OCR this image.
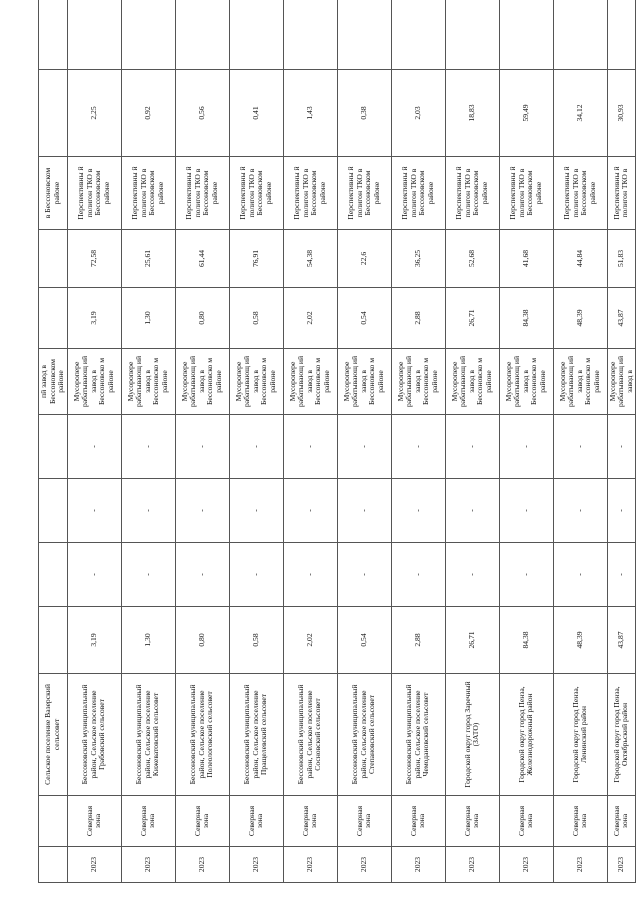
		Сельское поселение Вазерский сельсовет					пй завод в Бессоновском районе			в Бессоновском районе		
2023	Северная зона	Бессоновский муниципальный район, Сельское поселение Грабовский сельсовет	3,19	-	-	-	Мусоропере рабатывающ ий завод в Бессоновско м районе	3,19	72,58	Перспективны й полигон ТКО в Бессоновском районе	2,25	
2023	Северная зона	Бессоновский муниципальный район, Сельское поселение Кижеватовский сельсовет	1,30	-	-	-	Мусоропере рабатывающ ий завод в Бессоновско м районе	1,30	25,61	Перспективны й полигон ТКО в Бессоновском районе	0,92	
2023	Северная зона	Бессоновский муниципальный район, Сельское поселение Полеологовский сельсовет	0,80	-	-	-	Мусоропере рабатывающ ий завод в Бессоновско м районе	0,80	61,44	Перспективны й полигон ТКО в Бессоновском районе	0,56	
2023	Северная зона	Бессоновский муниципальный район, Сельское поселение Пращелевский сельсовет	0,58	-	-	-	Мусоропере рабатывающ ий завод в Бессоновско м районе	0,58	76,91	Перспективны й полигон ТКО в Бессоновском районе	0,41	
2023	Северная зона	Бессоновский муниципальный район, Сельское поселение Сосновский сельсовет	2,02	-	-	-	Мусоропере рабатывающ ий завод в Бессоновско м районе	2,02	54,38	Перспективны й полигон ТКО в Бессоновском районе	1,43	
2023	Северная зона	Бессоновский муниципальный район, Сельское поселение Степановский сельсовет	0,54	-	-	-	Мусоропере рабатывающ ий завод в Бессоновско м районе	0,54	22,6	Перспективны й полигон ТКО в Бессоновском районе	0,38	
2023	Северная зона	Бессоновский муниципальный район, Сельское поселение Чемодановский сельсовет	2,88	-	-	-	Мусоропере рабатывающ ий завод в Бессоновско м районе	2,88	36,25	Перспективны й полигон ТКО в Бессоновском районе	2,03	
2023	Северная зона	Городской округ город Заречный (ЗАТО)	26,71	-	-	-	Мусоропере рабатывающ ий завод в Бессоновско м районе	26,71	52,68	Перспективны й полигон ТКО в Бессоновском районе	18,83	
2023	Северная зона	Городской округ город Пенза, Железнодорожный район	84,38	-	-	-	Мусоропере рабатывающ ий завод в Бессоновско м районе	84,38	41,68	Перспективны й полигон ТКО в Бессоновском районе	59,49	
2023	Северная зона	Городской округ город Пенза, Ленинский район	48,39	-	-	-	Мусоропере рабатывающ ий завод в Бессоновско м районе	48,39	44,84	Перспективны й полигон ТКО в Бессоновском районе	34,12	
2023	Северная зона	Городской округ город Пенза, Октябрьский район	43,87	-	-	-	Мусоропере рабатывающ ий завод в	43,87	51,83	Перспективны й полигон ТКО в	30,93	
